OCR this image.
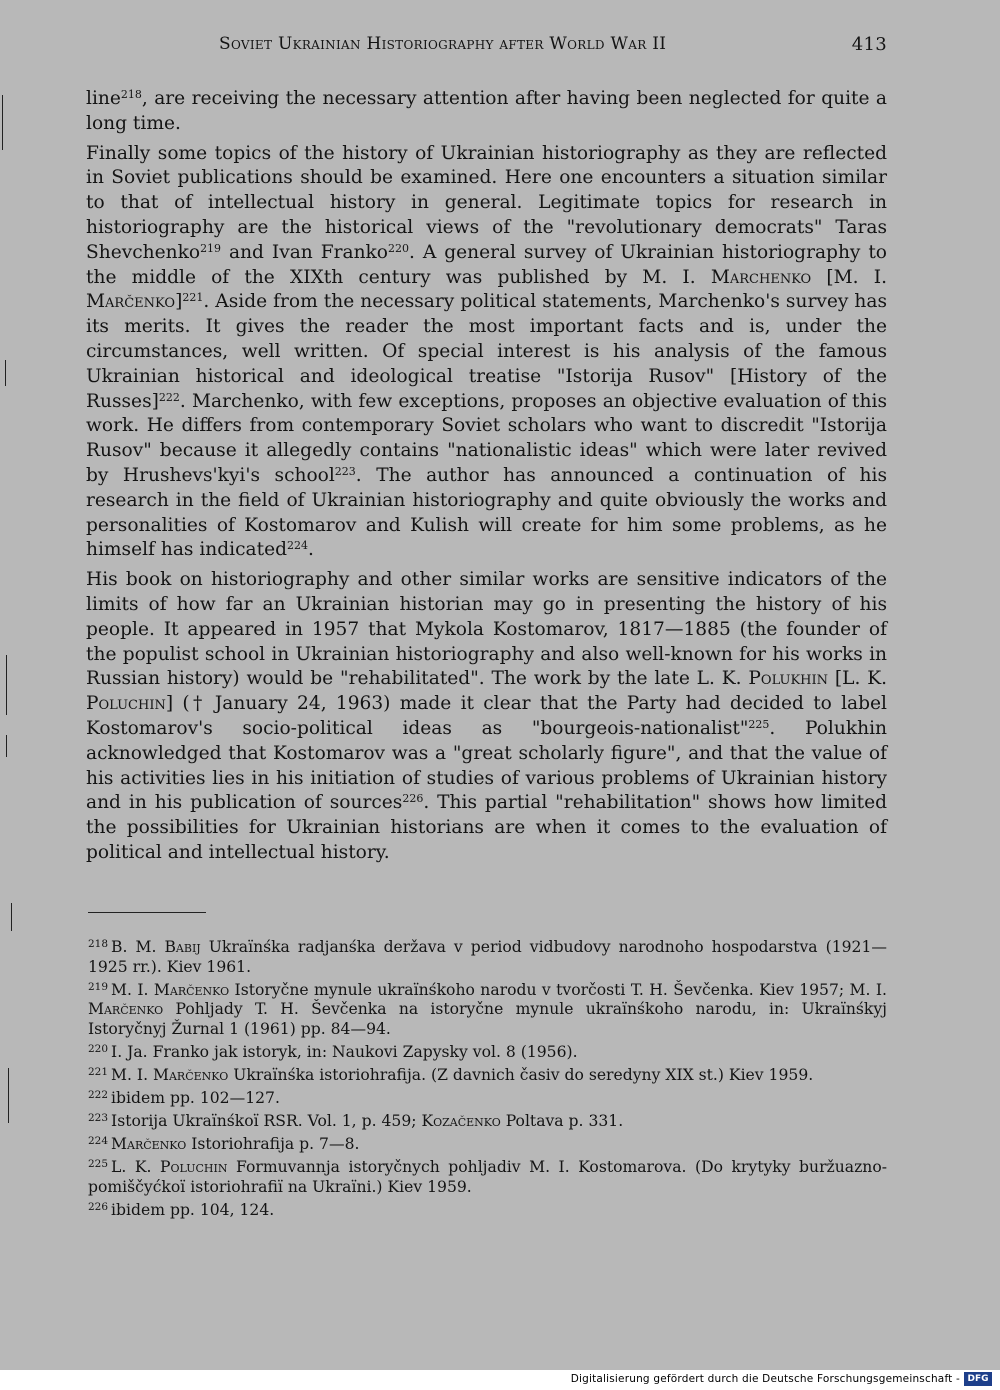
Soviet Ukrainian Historiography after World War II	413

line$^{218}$, are receiving the necessary attention after having been neglected for quite a long time.

Finally some topics of the history of Ukrainian historiography as they are reflected in Soviet publications should be examined. Here one encounters a situation similar to that of intellectual history in general. Legitimate topics for research in historiography are the historical views of the "revolutionary democrats" Taras Shevchenko$^{219}$ and Ivan Franko$^{220}$. A general survey of Ukrainian historiography to the middle of the XIXth century was published by M. I. Marchenko [M. I. Marčenko]$^{221}$. Aside from the necessary political statements, Marchenko's survey has its merits. It gives the reader the most important facts and is, under the circumstances, well written. Of special interest is his analysis of the famous Ukrainian historical and ideological treatise "Istorija Rusov" [History of the Russes]$^{222}$. Marchenko, with few exceptions, proposes an objective evaluation of this work. He differs from contemporary Soviet scholars who want to discredit "Istorija Rusov" because it allegedly contains "nationalistic ideas" which were later revived by Hrushevs'kyi's school$^{223}$. The author has announced a continuation of his research in the field of Ukrainian historiography and quite obviously the works and personalities of Kostomarov and Kulish will create for him some problems, as he himself has indicated$^{224}$.

His book on historiography and other similar works are sensitive indicators of the limits of how far an Ukrainian historian may go in presenting the history of his people. It appeared in 1957 that Mykola Kostomarov, 1817—1885 (the founder of the populist school in Ukrainian historiography and also well-known for his works in Russian history) would be "rehabilitated". The work by the late L. K. Polukhin [L. K. Poluchin] († January 24, 1963) made it clear that the Party had decided to label Kostomarov's socio-political ideas as "bourgeois-nationalist"$^{225}$. Polukhin acknowledged that Kostomarov was a "great scholarly figure", and that the value of his activities lies in his initiation of studies of various problems of Ukrainian history and in his publication of sources$^{226}$. This partial "rehabilitation" shows how limited the possibilities for Ukrainian historians are when it comes to the evaluation of political and intellectual history.

$^{218}$ B. M. Babij Ukraïnśka radjanśka deržava v period vidbudovy narodnoho hospodarstva (1921—1925 rr.). Kiev 1961.
$^{219}$ M. I. Marčenko Istoryčne mynule ukraïnśkoho narodu v tvorčosti T. H. Ševčenka. Kiev 1957; M. I. Marčenko Pohljady T. H. Ševčenka na istoryčne mynule ukraïnśkoho narodu, in: Ukraïnśkyj Istoryčnyj Žurnal 1 (1961) pp. 84—94.
$^{220}$ I. Ja. Franko jak istoryk, in: Naukovi Zapysky vol. 8 (1956).
$^{221}$ M. I. Marčenko Ukraïnśka istoriohrafija. (Z davnich časiv do seredyny XIX st.) Kiev 1959.
$^{222}$ ibidem pp. 102—127.
$^{223}$ Istorija Ukraïnśkoï RSR. Vol. 1, p. 459; Kozačenko Poltava p. 331.
$^{224}$ Marčenko Istoriohrafija p. 7—8.
$^{225}$ L. K. Poluchin Formuvannja istoryčnych pohljadiv M. I. Kostomarova. (Do krytyky buržuazno-pomiščyćkoï istoriohrafiï na Ukraïni.) Kiev 1959.
$^{226}$ ibidem pp. 104, 124.
Digitalisierung gefördert durch die Deutsche Forschungsgemeinschaft - DFG
